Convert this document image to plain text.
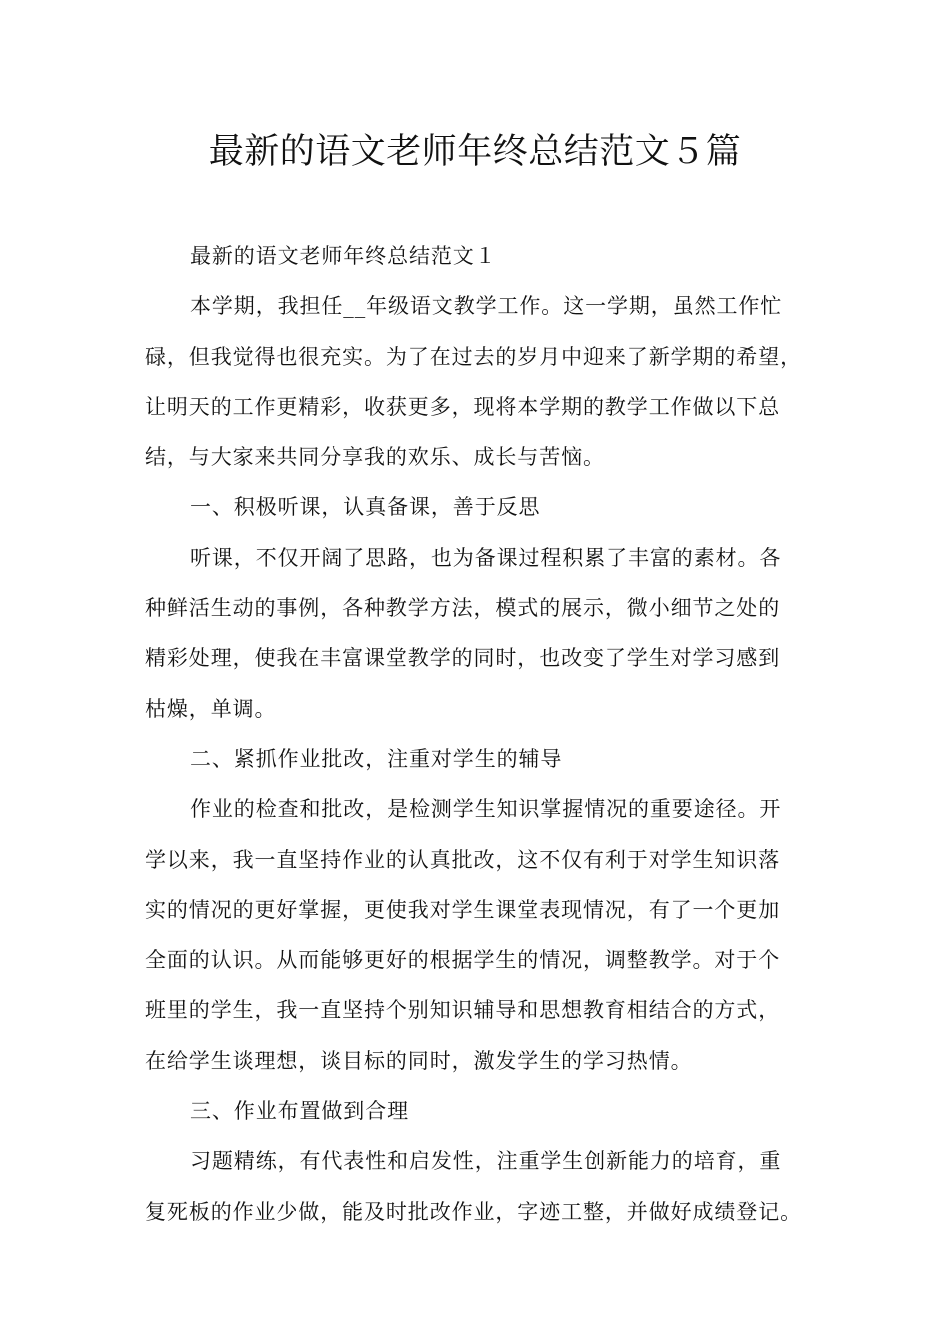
最新的语文老师年终总结范文５篇
最新的语文老师年终总结范文１
本学期，我担任__年级语文教学工作。这一学期，虽然工作忙
碌，但我觉得也很充实。为了在过去的岁月中迎来了新学期的希望，
让明天的工作更精彩，收获更多，现将本学期的教学工作做以下总
结，与大家来共同分享我的欢乐、成长与苦恼。
一、积极听课，认真备课，善于反思
听课，不仅开阔了思路，也为备课过程积累了丰富的素材。各
种鲜活生动的事例，各种教学方法，模式的展示，微小细节之处的
精彩处理，使我在丰富课堂教学的同时，也改变了学生对学习感到
枯燥，单调。
二、紧抓作业批改，注重对学生的辅导
作业的检查和批改，是检测学生知识掌握情况的重要途径。开
学以来，我一直坚持作业的认真批改，这不仅有利于对学生知识落
实的情况的更好掌握，更使我对学生课堂表现情况，有了一个更加
全面的认识。从而能够更好的根据学生的情况，调整教学。对于个
班里的学生，我一直坚持个别知识辅导和思想教育相结合的方式，
在给学生谈理想，谈目标的同时，激发学生的学习热情。
三、作业布置做到合理
习题精练，有代表性和启发性，注重学生创新能力的培育，重
复死板的作业少做，能及时批改作业，字迹工整，并做好成绩登记。
